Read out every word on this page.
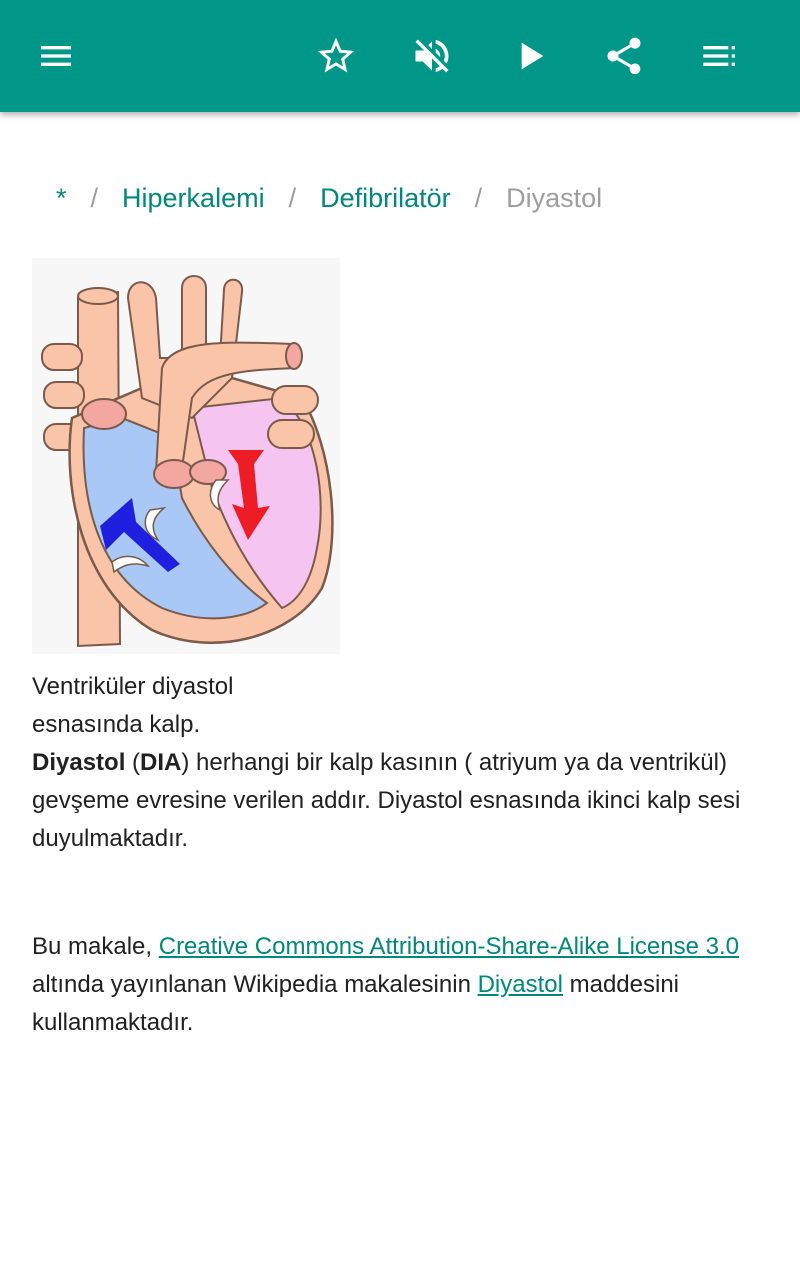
* / Hiperkalemi / Defibrilatör / Diyastol
Ventriküler diyastol
esnasında kalp.
Diyastol (DIA) herhangi bir kalp kasının ( atriyum ya da ventrikül) gevşeme evresine verilen addır. Diyastol esnasında ikinci kalp sesi duyulmaktadır.
Bu makale, Creative Commons Attribution-Share-Alike License 3.0 altında yayınlanan Wikipedia makalesinin Diyastol maddesini kullanmaktadır.
